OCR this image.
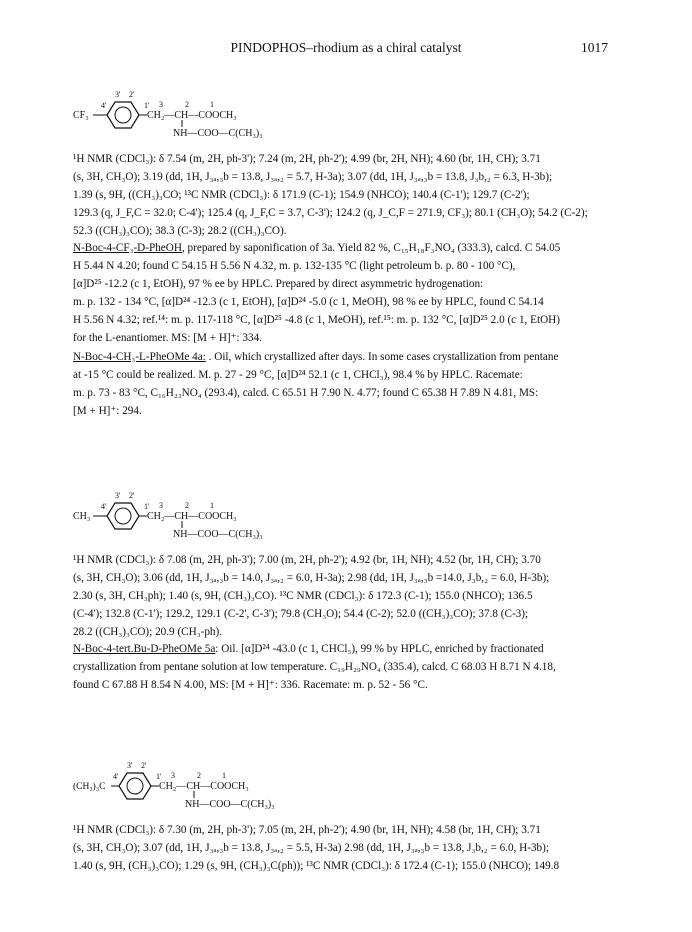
PINDOPHOS–rhodium as a chiral catalyst	1017
3' 2'
4'	1'
CF₃
3	2	1
CH₂—CH—COOCH₃
NH—COO—C(CH₃)₃

¹H NMR (CDCl₃): δ 7.54 (m, 2H, ph-3'); 7.24 (m, 2H, ph-2'); 4.99 (br, 2H, NH); 4.60 (br, 1H, CH); 3.71

(s, 3H, CH₃O); 3.19 (dd, 1H, J₃ₐ,₃b = 13.8, J₃ₐ,₂ = 5.7, H-3a); 3.07 (dd, 1H, J₃ₐ,₃b = 13.8, J₃b,₂ = 6.3, H-3b);

1.39 (s, 9H, ((CH₃)₃CO; ¹³C NMR (CDCl₃): δ 171.9 (C-1); 154.9 (NHCO); 140.4 (C-1'); 129.7 (C-2');

129.3 (q, J_F,C = 32.0; C-4'); 125.4 (q, J_F,C = 3.7, C-3'); 124.2 (q, J_C,F = 271.9, CF₃); 80.1 (CH₃O); 54.2 (C-2);

52.3 ((CH₃)₃CO); 38.3 (C-3); 28.2 ((CH₃)₃CO).

N-Boc-4-CF₃-D-PheOH, prepared by saponification of 3a. Yield 82 %, C₁₅H₁₈F₃NO₄ (333.3), calcd. C 54.05

H 5.44 N 4.20; found C 54.15 H 5.56 N 4.32, m. p. 132-135 °C (light petroleum b. p. 80 - 100 °C),

[α]D²⁵ -12.2 (c 1, EtOH), 97 % ee by HPLC. Prepared by direct asymmetric hydrogenation:

m. p. 132 - 134 °C, [α]D²⁴ -12.3 (c 1, EtOH), [α]D²⁴ -5.0 (c 1, MeOH), 98 % ee by HPLC, found C 54.14

H 5.56 N 4.32; ref.¹⁴: m. p. 117-118 °C, [α]D²⁵ -4.8 (c 1, MeOH), ref.¹⁵: m. p. 132 °C, [α]D²⁵ 2.0 (c 1, EtOH)

for the L-enantiomer. MS: [M + H]⁺: 334.

N-Boc-4-CH₃-L-PheOMe 4a: . Oil, which crystallized after days. In some cases crystallization from pentane

at -15 °C could be realized. M. p. 27 - 29 °C, [α]D²⁴ 52.1 (c 1, CHCl₃), 98.4 % by HPLC. Racemate:

m. p. 73 - 83 °C, C₁₆H₂₃NO₄ (293.4), calcd. C 65.51 H 7.90 N. 4.77; found C 65.38 H 7.89 N 4.81, MS:

[M + H]⁺: 294.

3' 2'
4'	1'
CH₃
3	2	1
CH₂—CH—COOCH₃
NH—COO—C(CH₃)₃

¹H NMR (CDCl₃): δ 7.08 (m, 2H, ph-3'); 7.00 (m, 2H, ph-2'); 4.92 (br, 1H, NH); 4.52 (br, 1H, CH); 3.70

(s, 3H, CH₃O); 3.06 (dd, 1H, J₃ₐ,₃b = 14.0, J₃ₐ,₂ = 6.0, H-3a); 2.98 (dd, 1H, J₃ₐ,₃b =14.0, J₃b,₂ = 6.0, H-3b);

2.30 (s, 3H, CH₃ph); 1.40 (s, 9H, (CH₃)₃CO). ¹³C NMR (CDCl₃): δ 172.3 (C-1); 155.0 (NHCO); 136.5

(C-4'); 132.8 (C-1'); 129.2, 129.1 (C-2', C-3'); 79.8 (CH₃O); 54.4 (C-2); 52.0 ((CH₃)₃CO); 37.8 (C-3);

28.2 ((CH₃)₃CO); 20.9 (CH₃-ph).

N-Boc-4-tert.Bu-D-PheOMe 5a: Oil. [α]D²⁴ -43.0 (c 1, CHCl₃), 99 % by HPLC, enriched by fractionated

crystallization from pentane solution at low temperature. C₁₉H₂₉NO₄ (335.4), calcd. C 68.03 H 8.71 N 4.18,

found C 67.88 H 8.54 N 4.00, MS: [M + H]⁺: 336. Racemate: m. p. 52 - 56 °C.

3' 2'
4'	1'
(CH₃)₃C
3	2	1
CH₂—CH—COOCH₃
NH—COO—C(CH₃)₃

¹H NMR (CDCl₃): δ 7.30 (m, 2H, ph-3'); 7.05 (m, 2H, ph-2'); 4.90 (br, 1H, NH); 4.58 (br, 1H, CH); 3.71

(s, 3H, CH₃O); 3.07 (dd, 1H, J₃ₐ,₃b = 13.8, J₃ₐ,₂ = 5.5, H-3a) 2.98 (dd, 1H, J₃ₐ,₃b = 13.8, J₃b,₂ = 6.0, H-3b);

1.40 (s, 9H, (CH₃)₃CO); 1.29 (s, 9H, (CH₃)₃C(ph)); ¹³C NMR (CDCl₃): δ 172.4 (C-1); 155.0 (NHCO); 149.8
